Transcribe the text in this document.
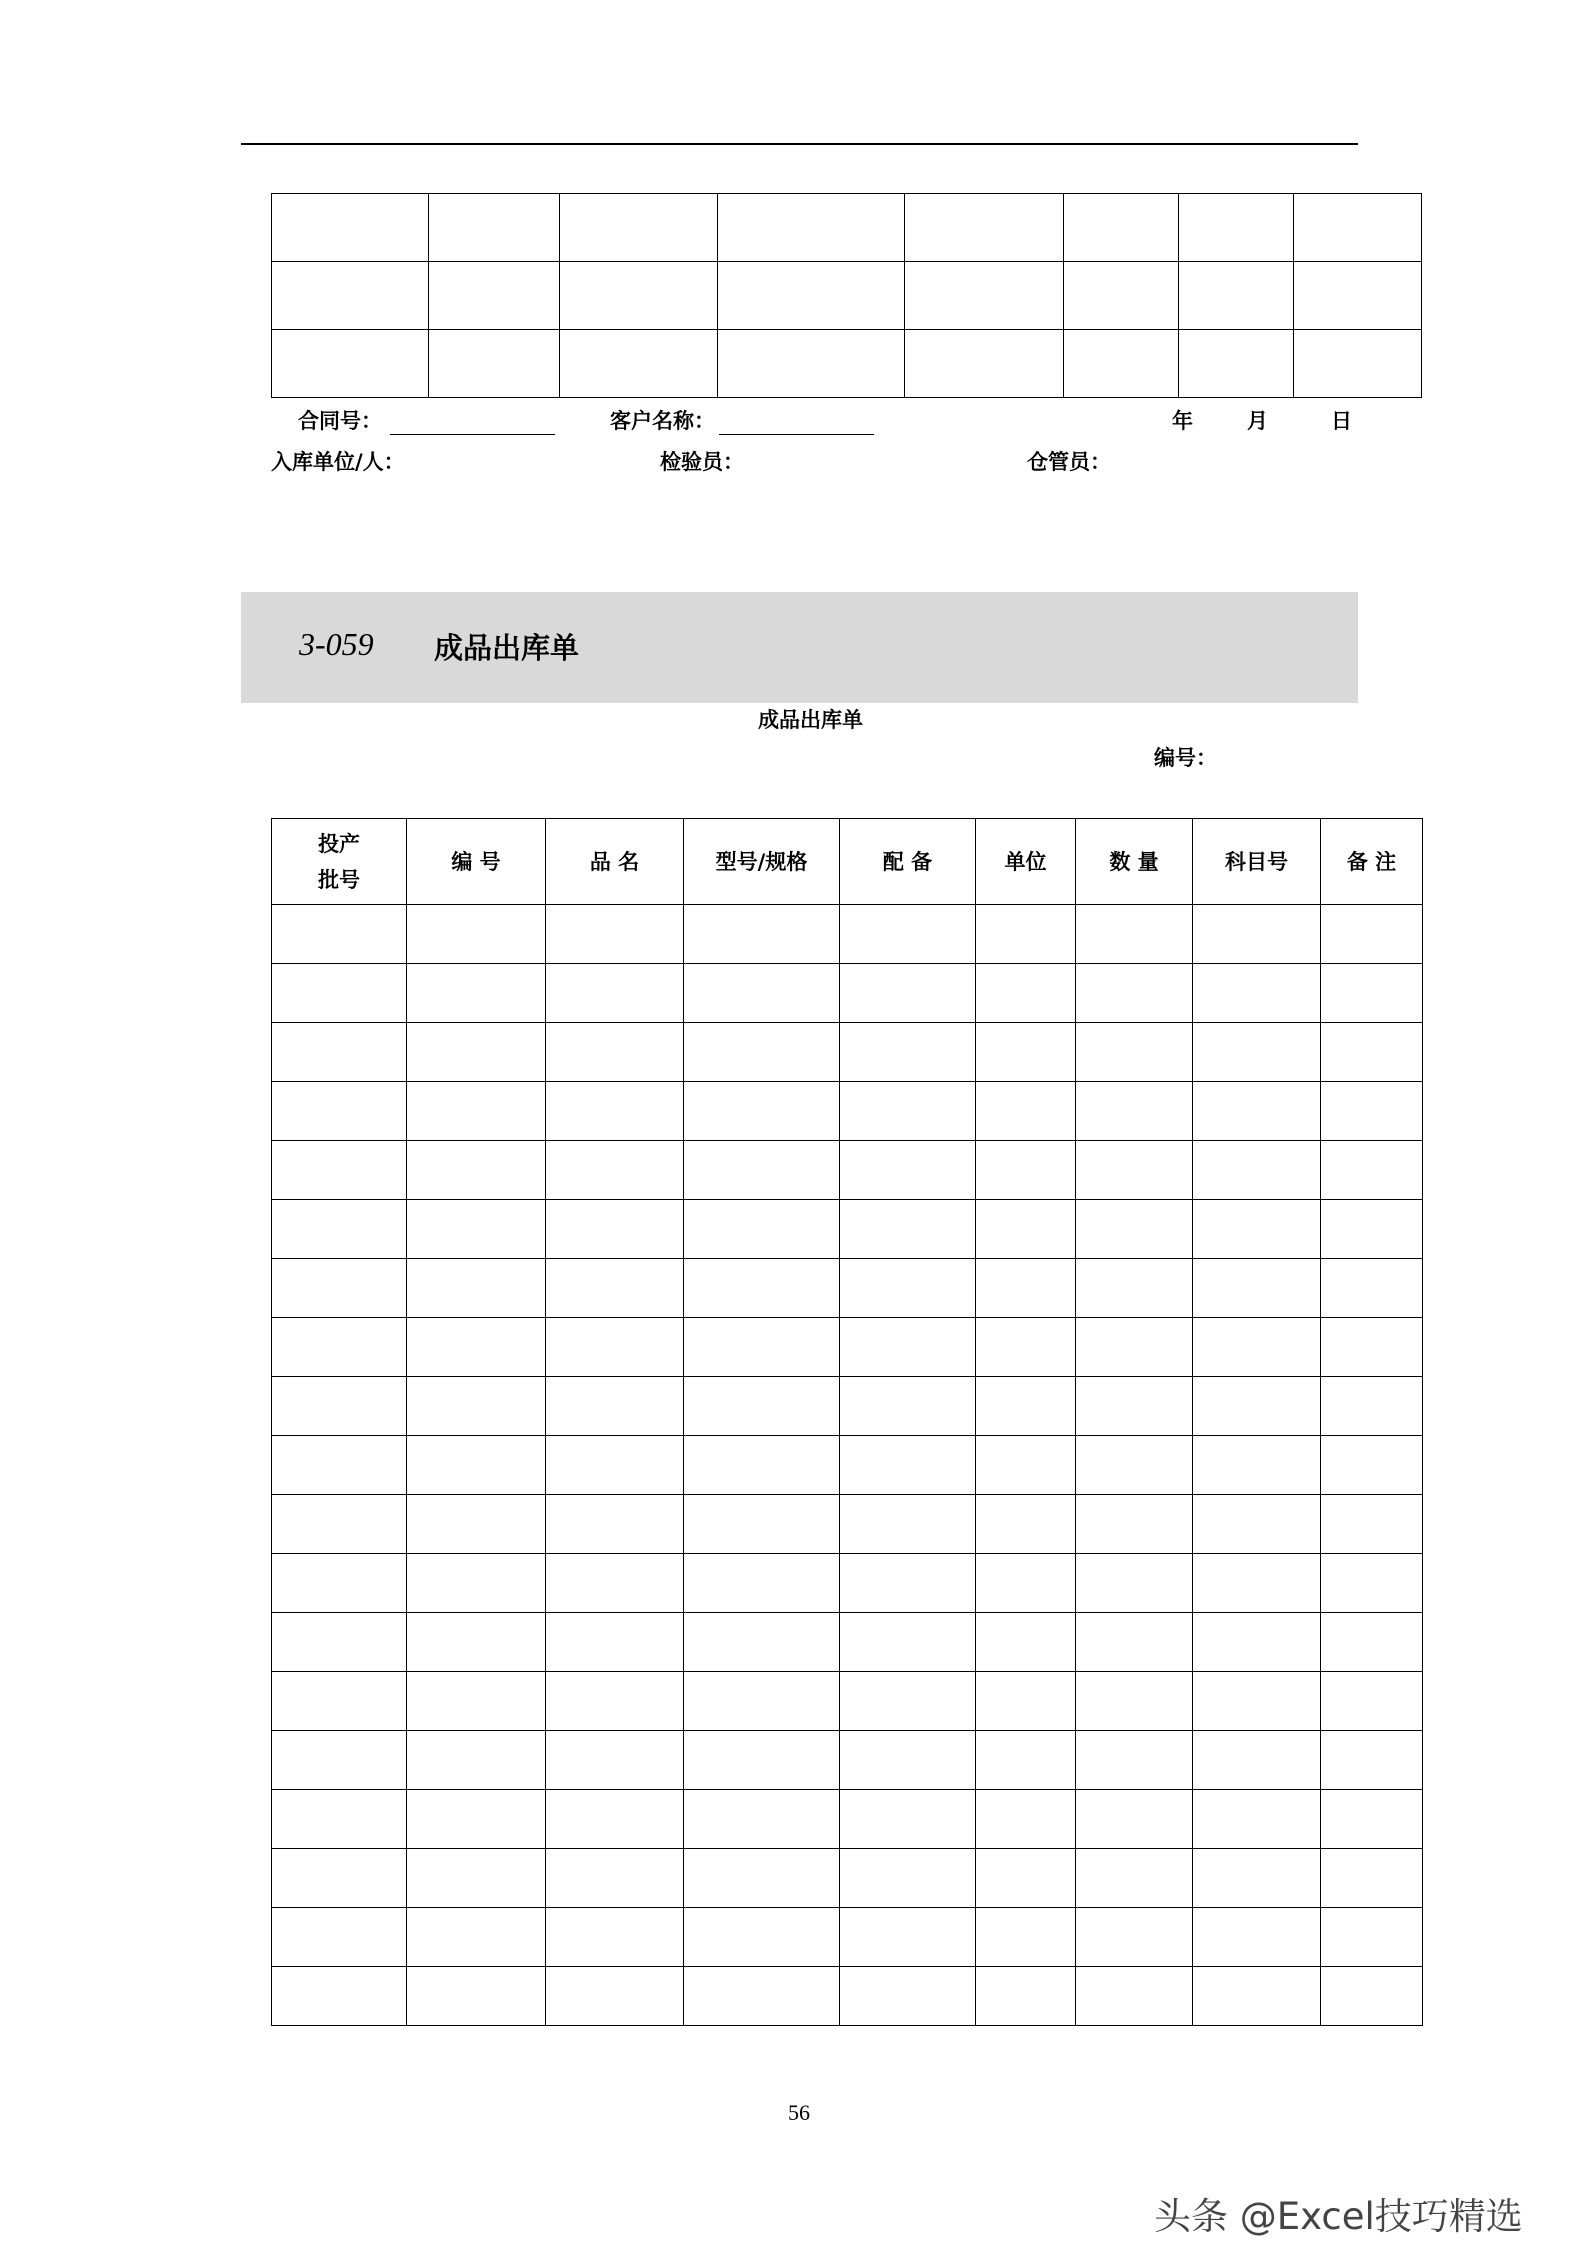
合同号：	客户名称：	年	月	日
入库单位/人：	检验员：	仓管员：
3-059 成品出库单
成品出库单
编号：
投产
批号	编 号	品 名	型号/规格	配 备	单位	数 量	科目号	备 注

56
头条 @Excel技巧精选
